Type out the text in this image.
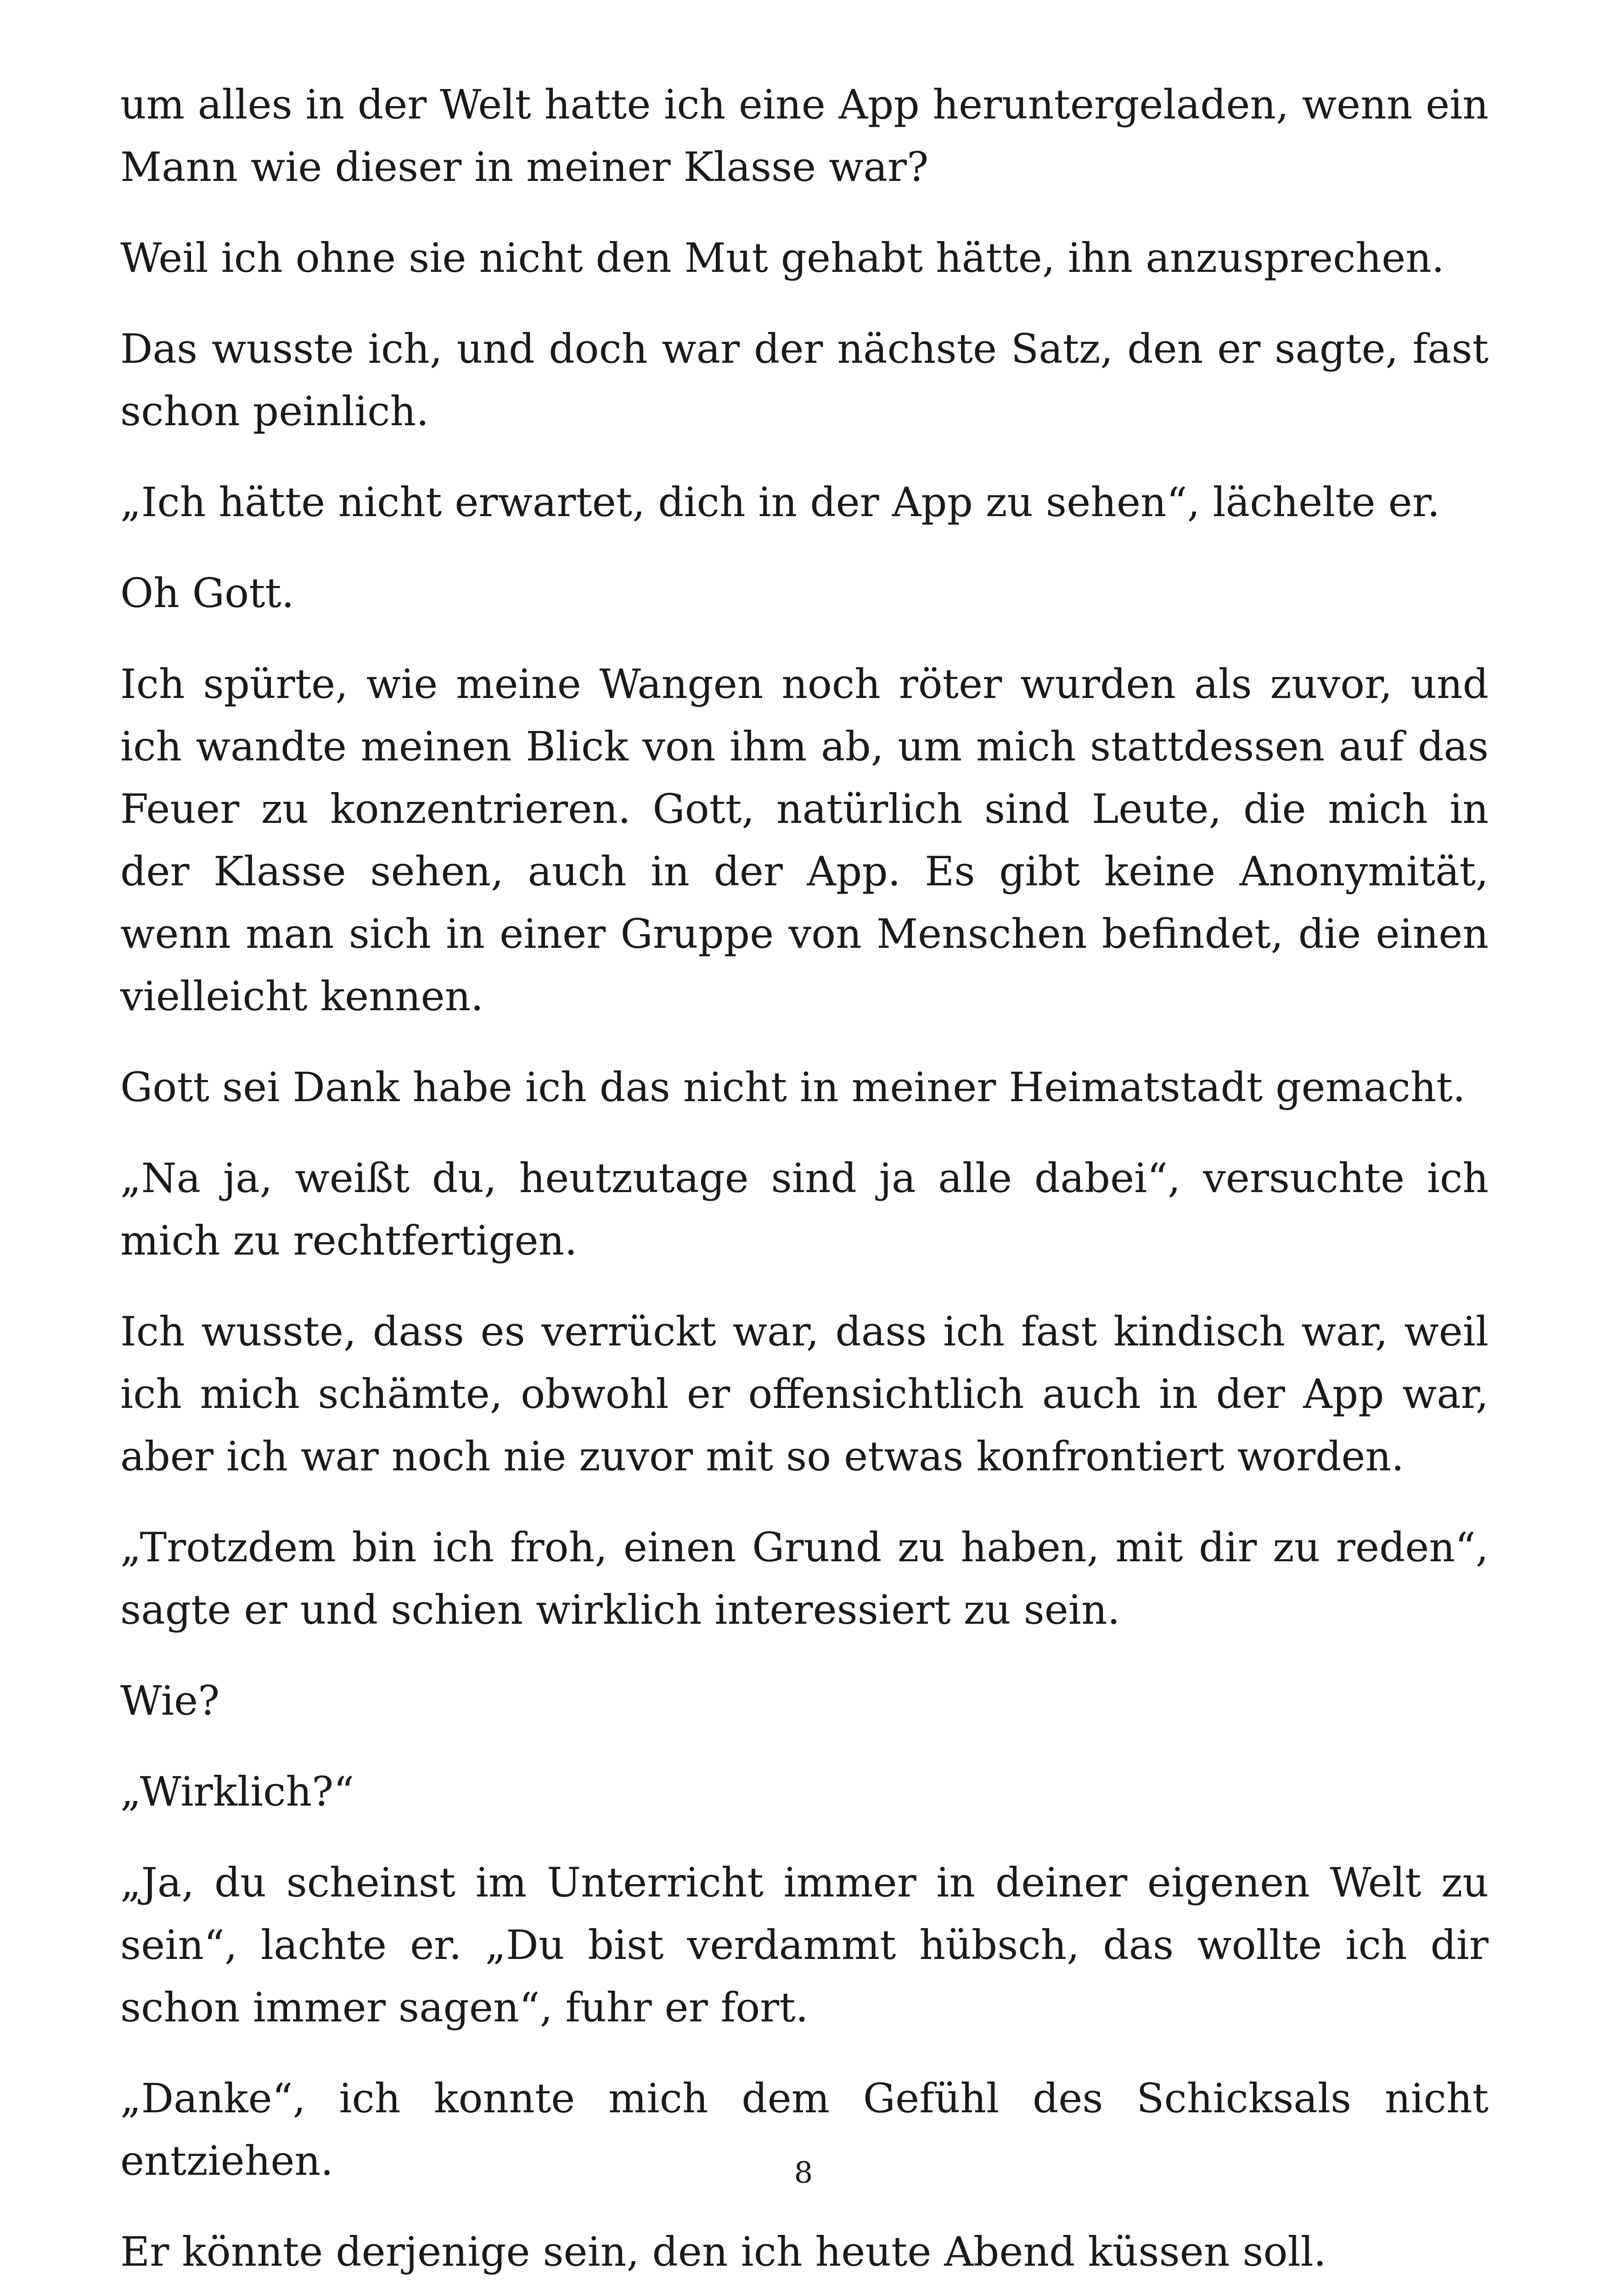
um alles in der Welt hatte ich eine App heruntergeladen, wenn ein Mann wie dieser in meiner Klasse war?

Weil ich ohne sie nicht den Mut gehabt hätte, ihn anzusprechen.

Das wusste ich, und doch war der nächste Satz, den er sagte, fast schon peinlich.

„Ich hätte nicht erwartet, dich in der App zu sehen“, lächelte er.

Oh Gott.

Ich spürte, wie meine Wangen noch röter wurden als zuvor, und ich wandte meinen Blick von ihm ab, um mich stattdessen auf das Feuer zu konzentrieren. Gott, natürlich sind Leute, die mich in der Klasse sehen, auch in der App. Es gibt keine Anonymität, wenn man sich in einer Gruppe von Menschen befindet, die einen vielleicht kennen.

Gott sei Dank habe ich das nicht in meiner Heimatstadt gemacht.

„Na ja, weißt du, heutzutage sind ja alle dabei“, versuchte ich mich zu rechtfertigen.

Ich wusste, dass es verrückt war, dass ich fast kindisch war, weil ich mich schämte, obwohl er offensichtlich auch in der App war, aber ich war noch nie zuvor mit so etwas konfrontiert worden.

„Trotzdem bin ich froh, einen Grund zu haben, mit dir zu reden“, sagte er und schien wirklich interessiert zu sein.

Wie?

„Wirklich?“

„Ja, du scheinst im Unterricht immer in deiner eigenen Welt zu sein“, lachte er. „Du bist verdammt hübsch, das wollte ich dir schon immer sagen“, fuhr er fort.

„Danke“, ich konnte mich dem Gefühl des Schicksals nicht entziehen.

Er könnte derjenige sein, den ich heute Abend küssen soll.

8
